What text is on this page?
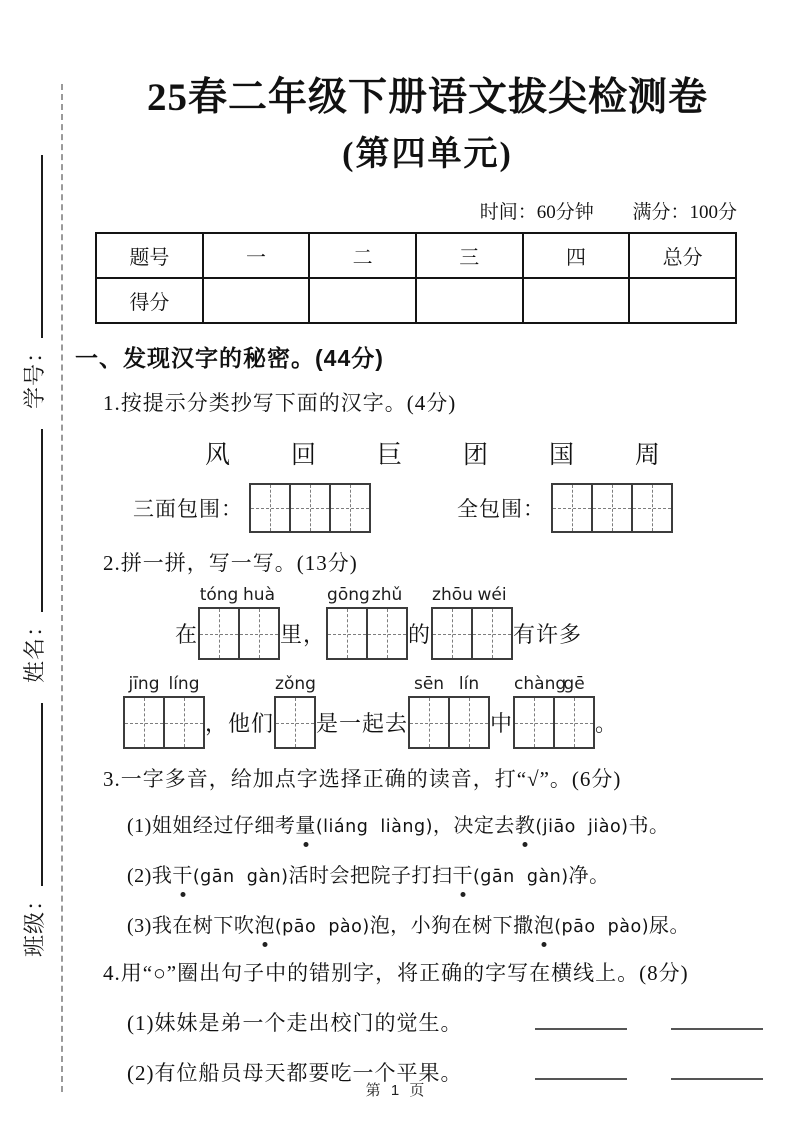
班级：
姓名：
学号：
25春二年级下册语文拔尖检测卷
(第四单元)
时间：60分钟 满分：100分
题号	一	二	三	四	总分
得分					
一、发现汉字的秘密。(44分)
1.按提示分类抄写下面的汉字。(4分)
风 回 巨 团 国 周
三面包围：	全包围：
2.拼一拼，写一写。(13分)
在
tóng huà
里，
gōng zhǔ
的
zhōu wéi
有许多
jīng líng
，他们
zǒng
是一起去
sēn lín
中
chàng
gē
。
3.一字多音，给加点字选择正确的读音，打“√”。(6分)
(1)姐姐经过仔细考量(liáng  liàng)，决定去教(jiāo  jiào)书。
(2)我干(gān  gàn)活时会把院子打扫干(gān  gàn)净。
(3)我在树下吹泡(pāo  pào)泡，小狗在树下撒泡(pāo  pào)尿。
4.用“○”圈出句子中的错别字，将正确的字写在横线上。(8分)
(1)妹妹是弟一个走出校门的觉生。
(2)有位船员母天都要吃一个平果。
第 1 页
